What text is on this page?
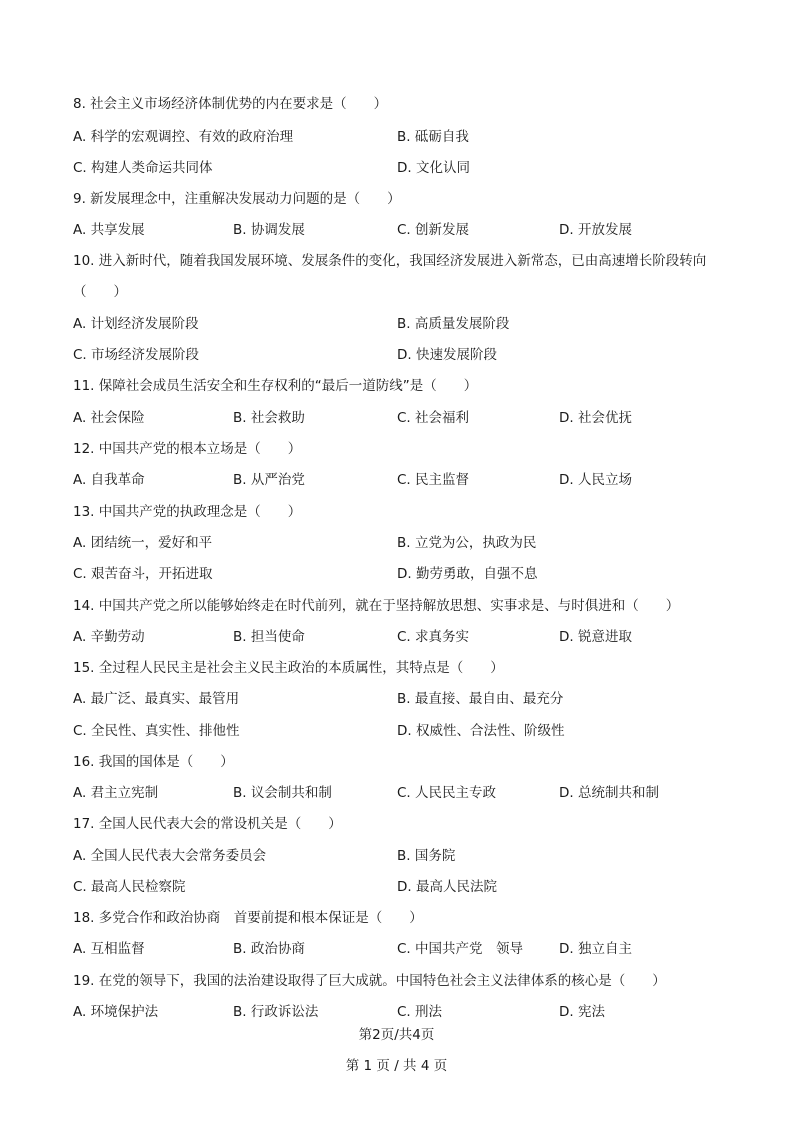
8. 社会主义市场经济体制优势的内在要求是（　　）
A. 科学的宏观调控、有效的政府治理	B. 砥砺自我
C. 构建人类命运共同体	D. 文化认同
9. 新发展理念中，注重解决发展动力问题的是（　　）
A. 共享发展	B. 协调发展	C. 创新发展	D. 开放发展
10. 进入新时代，随着我国发展环境、发展条件的变化，我国经济发展进入新常态，已由高速增长阶段转向（　　）
A. 计划经济发展阶段	B. 高质量发展阶段
C. 市场经济发展阶段	D. 快速发展阶段
11. 保障社会成员生活安全和生存权利的“最后一道防线”是（　　）
A. 社会保险	B. 社会救助	C. 社会福利	D. 社会优抚
12. 中国共产党的根本立场是（　　）
A. 自我革命	B. 从严治党	C. 民主监督	D. 人民立场
13. 中国共产党的执政理念是（　　）
A. 团结统一，爱好和平	B. 立党为公，执政为民
C. 艰苦奋斗，开拓进取	D. 勤劳勇敢，自强不息
14. 中国共产党之所以能够始终走在时代前列，就在于坚持解放思想、实事求是、与时俱进和（　　）
A. 辛勤劳动	B. 担当使命	C. 求真务实	D. 锐意进取
15. 全过程人民民主是社会主义民主政治的本质属性，其特点是（　　）
A. 最广泛、最真实、最管用	B. 最直接、最自由、最充分
C. 全民性、真实性、排他性	D. 权威性、合法性、阶级性
16. 我国的国体是（　　）
A. 君主立宪制	B. 议会制共和制	C. 人民民主专政	D. 总统制共和制
17. 全国人民代表大会的常设机关是（　　）
A. 全国人民代表大会常务委员会	B. 国务院
C. 最高人民检察院	D. 最高人民法院
18. 多党合作和政治协商　首要前提和根本保证是（　　）
A. 互相监督	B. 政治协商	C. 中国共产党　领导	D. 独立自主
19. 在党的领导下，我国的法治建设取得了巨大成就。中国特色社会主义法律体系的核心是（　　）
A. 环境保护法	B. 行政诉讼法	C. 刑法	D. 宪法
第2页/共4页
第 1 页 / 共 4 页
